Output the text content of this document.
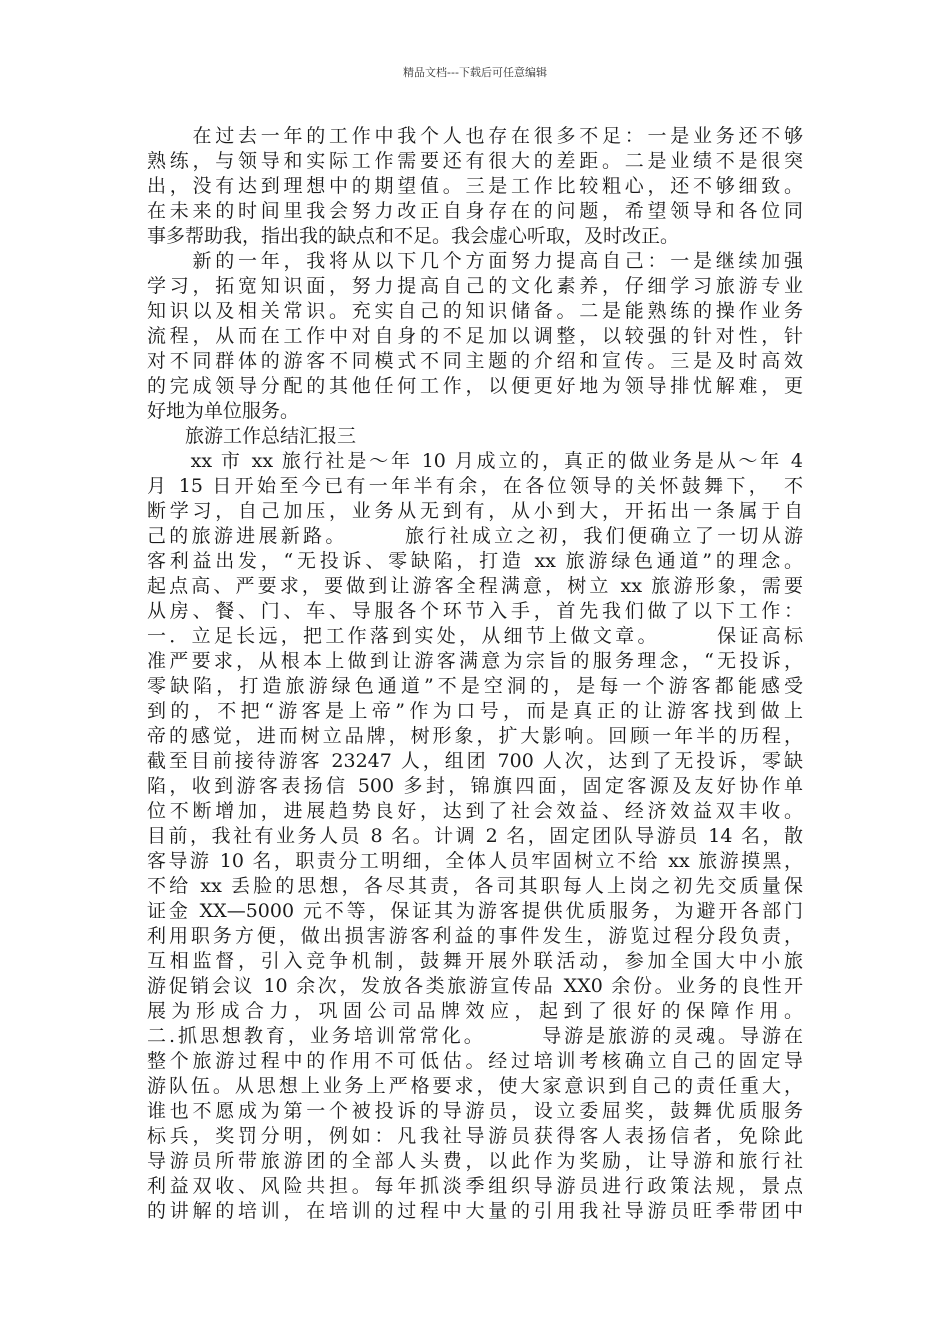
精品文档---下载后可任意编辑
　　在过去一年的工作中我个人也存在很多不足：一是业务还不够
熟练，与领导和实际工作需要还有很大的差距。二是业绩不是很突
出，没有达到理想中的期望值。三是工作比较粗心，还不够细致。
在未来的时间里我会努力改正自身存在的问题，希望领导和各位同
事多帮助我，指出我的缺点和不足。我会虚心听取，及时改正。
　　新的一年，我将从以下几个方面努力提高自己：一是继续加强
学习，拓宽知识面，努力提高自己的文化素养，仔细学习旅游专业
知识以及相关常识。充实自己的知识储备。二是能熟练的操作业务
流程，从而在工作中对自身的不足加以调整，以较强的针对性，针
对不同群体的游客不同模式不同主题的介绍和宣传。三是及时高效
的完成领导分配的其他任何工作，以便更好地为领导排忧解难，更
好地为单位服务。
　　旅游工作总结汇报三
　　xx 市 xx 旅行社是～年 10 月成立的，真正的做业务是从～年 4
月 15 日开始至今已有一年半有余，在各位领导的关怀鼓舞下，　不
断学习，自己加压，业务从无到有，从小到大，开拓出一条属于自
己的旅游进展新路。　　　旅行社成立之初，我们便确立了一切从游
客利益出发，“无投诉、零缺陷，打造 xx 旅游绿色通道”的理念。
起点高、严要求，要做到让游客全程满意，树立 xx 旅游形象，需要
从房、餐、门、车、导服各个环节入手，首先我们做了以下工作：
一．立足长远，把工作落到实处，从细节上做文章。　　　保证高标
准严要求，从根本上做到让游客满意为宗旨的服务理念，“无投诉，
零缺陷，打造旅游绿色通道”不是空洞的，是每一个游客都能感受
到的，不把“游客是上帝”作为口号，而是真正的让游客找到做上
帝的感觉，进而树立品牌，树形象，扩大影响。回顾一年半的历程，
截至目前接待游客 23247 人，组团 700 人次，达到了无投诉，零缺
陷，收到游客表扬信 500 多封，锦旗四面，固定客源及友好协作单
位不断增加，进展趋势良好，达到了社会效益、经济效益双丰收。
目前，我社有业务人员 8 名。计调 2 名，固定团队导游员 14 名，散
客导游 10 名，职责分工明细，全体人员牢固树立不给 xx 旅游摸黑，
不给 xx 丢脸的思想，各尽其责，各司其职每人上岗之初先交质量保
证金 XX—5000 元不等，保证其为游客提供优质服务，为避开各部门
利用职务方便，做出损害游客利益的事件发生，游览过程分段负责，
互相监督，引入竞争机制，鼓舞开展外联活动，参加全国大中小旅
游促销会议 10 余次，发放各类旅游宣传品 XX0 余份。业务的良性开
展为形成合力，巩固公司品牌效应，起到了很好的保障作用。
二.抓思想教育，业务培训常常化。　　　导游是旅游的灵魂。导游在
整个旅游过程中的作用不可低估。经过培训考核确立自己的固定导
游队伍。从思想上业务上严格要求，使大家意识到自己的责任重大，
谁也不愿成为第一个被投诉的导游员，设立委屈奖，鼓舞优质服务
标兵，奖罚分明，例如：凡我社导游员获得客人表扬信者，免除此
导游员所带旅游团的全部人头费，以此作为奖励，让导游和旅行社
利益双收、风险共担。每年抓淡季组织导游员进行政策法规，景点
的讲解的培训，在培训的过程中大量的引用我社导游员旺季带团中
